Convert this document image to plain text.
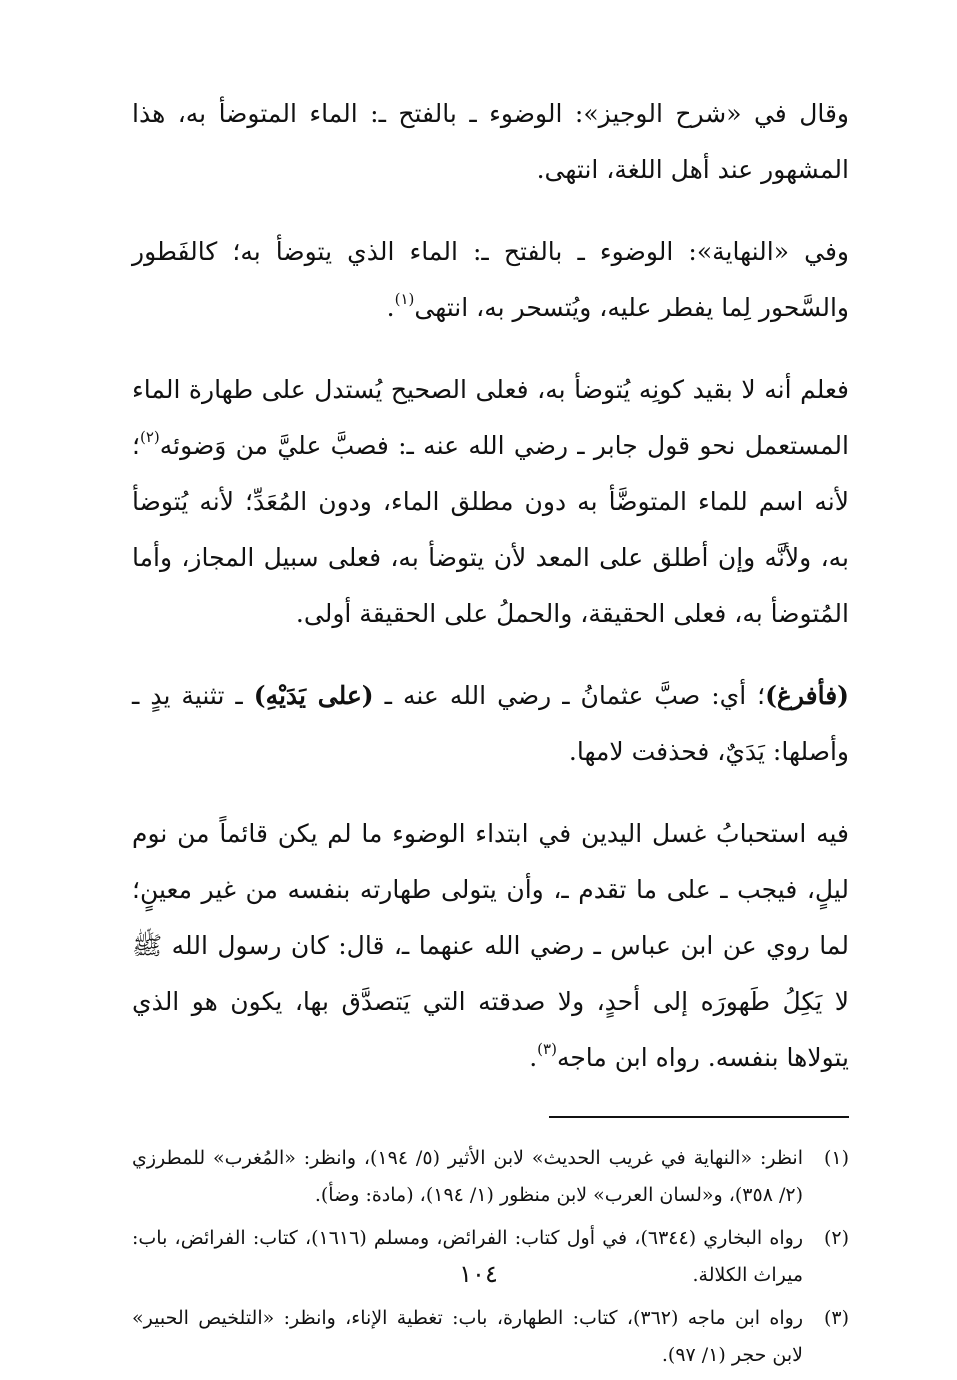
وقال في «شرح الوجيز»: الوضوء ـ بالفتح ـ: الماء المتوضأ به، هذا المشهور عند أهل اللغة، انتهى.

وفي «النهاية»: الوضوء ـ بالفتح ـ: الماء الذي يتوضأ به؛ كالفَطور والسَّحور لِما يفطر عليه، ويُتسحر به، انتهى$^{(١)}$.

فعلم أنه لا بقيد كونِه يُتوضأ به، فعلى الصحيح يُستدل على طهارة الماء المستعمل نحو قول جابر ـ رضي الله عنه ـ: فصبَّ عليَّ من وَضوئه$^{(٢)}$؛ لأنه اسم للماء المتوضَّأ به دون مطلق الماء، ودون المُعَدِّ؛ لأنه يُتوضأ به، ولأنَّه وإن أطلق على المعد لأن يتوضأ به، فعلى سبيل المجاز، وأما المُتوضأ به، فعلى الحقيقة، والحملُ على الحقيقة أولى.

(فأفرغ)؛ أي: صبَّ عثمانُ ـ رضي الله عنه ـ (على يَدَيْهِ) ـ تثنية يدٍ ـ وأصلها: يَدَيٌ، فحذفت لامها.

فيه استحبابُ غسل اليدين في ابتداء الوضوء ما لم يكن قائماً من نوم ليلٍ، فيجب ـ على ما تقدم ـ، وأن يتولى طهارته بنفسه من غير معينٍ؛ لما روي عن ابن عباس ـ رضي الله عنهما ـ، قال: كان رسول الله ﷺ لا يَكِلُ طَهورَه إلى أحدٍ، ولا صدقته التي يَتصدَّق بها، يكون هو الذي يتولاها بنفسه. رواه ابن ماجه$^{(٣)}$.

(١)
انظر: «النهاية في غريب الحديث» لابن الأثير (٥/ ١٩٤)، وانظر: «المُغرب» للمطرزي (٢/ ٣٥٨)، و«لسان العرب» لابن منظور (١/ ١٩٤)، (مادة: وضأ).
(٢)
رواه البخاري (٦٣٤٤)، في أول كتاب: الفرائض، ومسلم (١٦١٦)، كتاب: الفرائض، باب: ميراث الكلالة.
(٣)
رواه ابن ماجه (٣٦٢)، كتاب: الطهارة، باب: تغطية الإناء، وانظر: «التلخيص الحبير» لابن حجر (١/ ٩٧).
١٠٤
